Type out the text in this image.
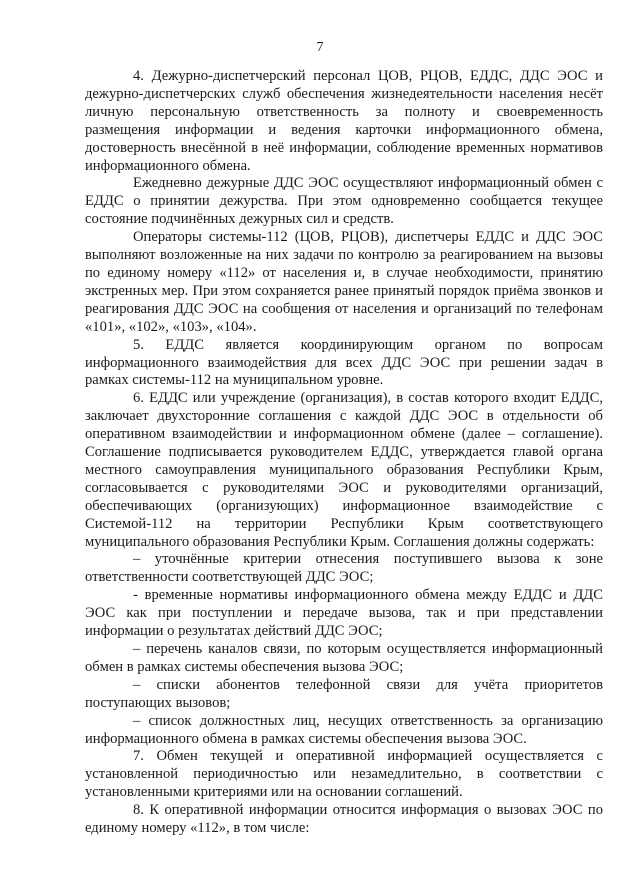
7

4. Дежурно-диспетчерский персонал ЦОВ, РЦОВ, ЕДДС, ДДС ЭОС и дежурно-диспетчерских служб обеспечения жизнедеятельности населения несёт личную персональную ответственность за полноту и своевременность размещения информации и ведения карточки информационного обмена, достоверность внесённой в неё информации, соблюдение временных нормативов информационного обмена.

Ежедневно дежурные ДДС ЭОС осуществляют информационный обмен с ЕДДС о принятии дежурства. При этом одновременно сообщается текущее состояние подчинённых дежурных сил и средств.

Операторы системы-112 (ЦОВ, РЦОВ), диспетчеры ЕДДС и ДДС ЭОС выполняют возложенные на них задачи по контролю за реагированием на вызовы по единому номеру «112» от населения и, в случае необходимости, принятию экстренных мер. При этом сохраняется ранее принятый порядок приёма звонков и реагирования ДДС ЭОС на сообщения от населения и организаций по телефонам «101», «102», «103», «104».

5. ЕДДС является координирующим органом по вопросам информационного взаимодействия для всех ДДС ЭОС при решении задач в рамках системы-112 на муниципальном уровне.

6. ЕДДС или учреждение (организация), в состав которого входит ЕДДС, заключает двухсторонние соглашения с каждой ДДС ЭОС в отдельности об оперативном взаимодействии и информационном обмене (далее – соглашение). Соглашение подписывается руководителем ЕДДС, утверждается главой органа местного самоуправления муниципального образования Республики Крым, согласовывается с руководителями ЭОС и руководителями организаций, обеспечивающих (организующих) информационное взаимодействие с Системой-112 на территории Республики Крым соответствующего муниципального образования Республики Крым. Соглашения должны содержать:

– уточнённые критерии отнесения поступившего вызова к зоне ответственности соответствующей ДДС ЭОС;

- временные нормативы информационного обмена между ЕДДС и ДДС ЭОС как при поступлении и передаче вызова, так и при представлении информации о результатах действий ДДС ЭОС;

– перечень каналов связи, по которым осуществляется информационный обмен в рамках системы обеспечения вызова ЭОС;

– списки абонентов телефонной связи для учёта приоритетов поступающих вызовов;

– список должностных лиц, несущих ответственность за организацию информационного обмена в рамках системы обеспечения вызова ЭОС.

7. Обмен текущей и оперативной информацией осуществляется с установленной периодичностью или незамедлительно, в соответствии с установленными критериями или на основании соглашений.

8. К оперативной информации относится информация о вызовах ЭОС по единому номеру «112», в том числе:
